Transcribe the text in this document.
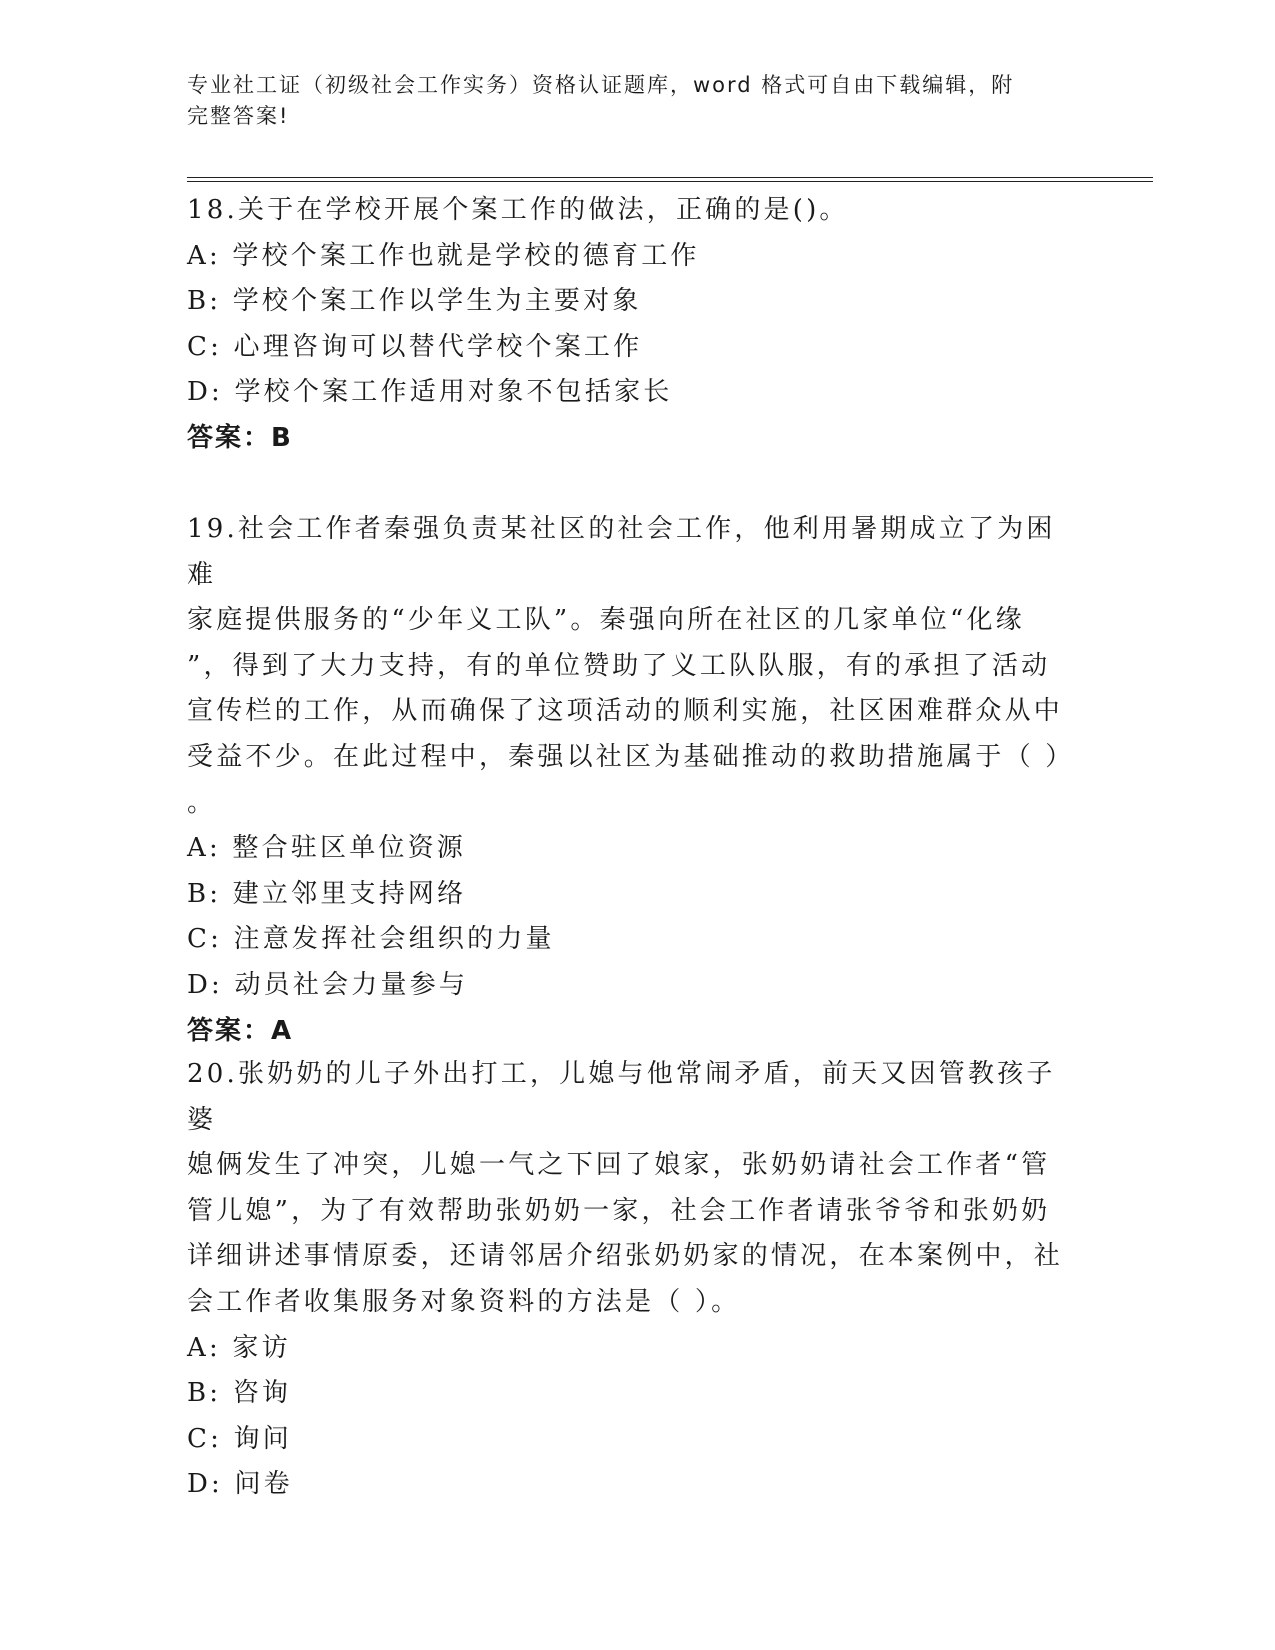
专业社工证（初级社会工作实务）资格认证题库，word 格式可自由下载编辑，附
完整答案!
18.关于在学校开展个案工作的做法，正确的是()。
A: 学校个案工作也就是学校的德育工作
B: 学校个案工作以学生为主要对象
C: 心理咨询可以替代学校个案工作
D: 学校个案工作适用对象不包括家长
答案：B
19.社会工作者秦强负责某社区的社会工作，他利用暑期成立了为困难
家庭提供服务的“少年义工队”。秦强向所在社区的几家单位“化缘
”，得到了大力支持，有的单位赞助了义工队队服，有的承担了活动
宣传栏的工作，从而确保了这项活动的顺利实施，社区困难群众从中
受益不少。在此过程中，秦强以社区为基础推动的救助措施属于（ ）
。
A: 整合驻区单位资源
B: 建立邻里支持网络
C: 注意发挥社会组织的力量
D: 动员社会力量参与
答案：A
20.张奶奶的儿子外出打工，儿媳与他常闹矛盾，前天又因管教孩子婆
媳俩发生了冲突，儿媳一气之下回了娘家，张奶奶请社会工作者“管
管儿媳”，为了有效帮助张奶奶一家，社会工作者请张爷爷和张奶奶
详细讲述事情原委，还请邻居介绍张奶奶家的情况，在本案例中，社
会工作者收集服务对象资料的方法是（ ）。
A: 家访
B: 咨询
C: 询问
D: 问卷
